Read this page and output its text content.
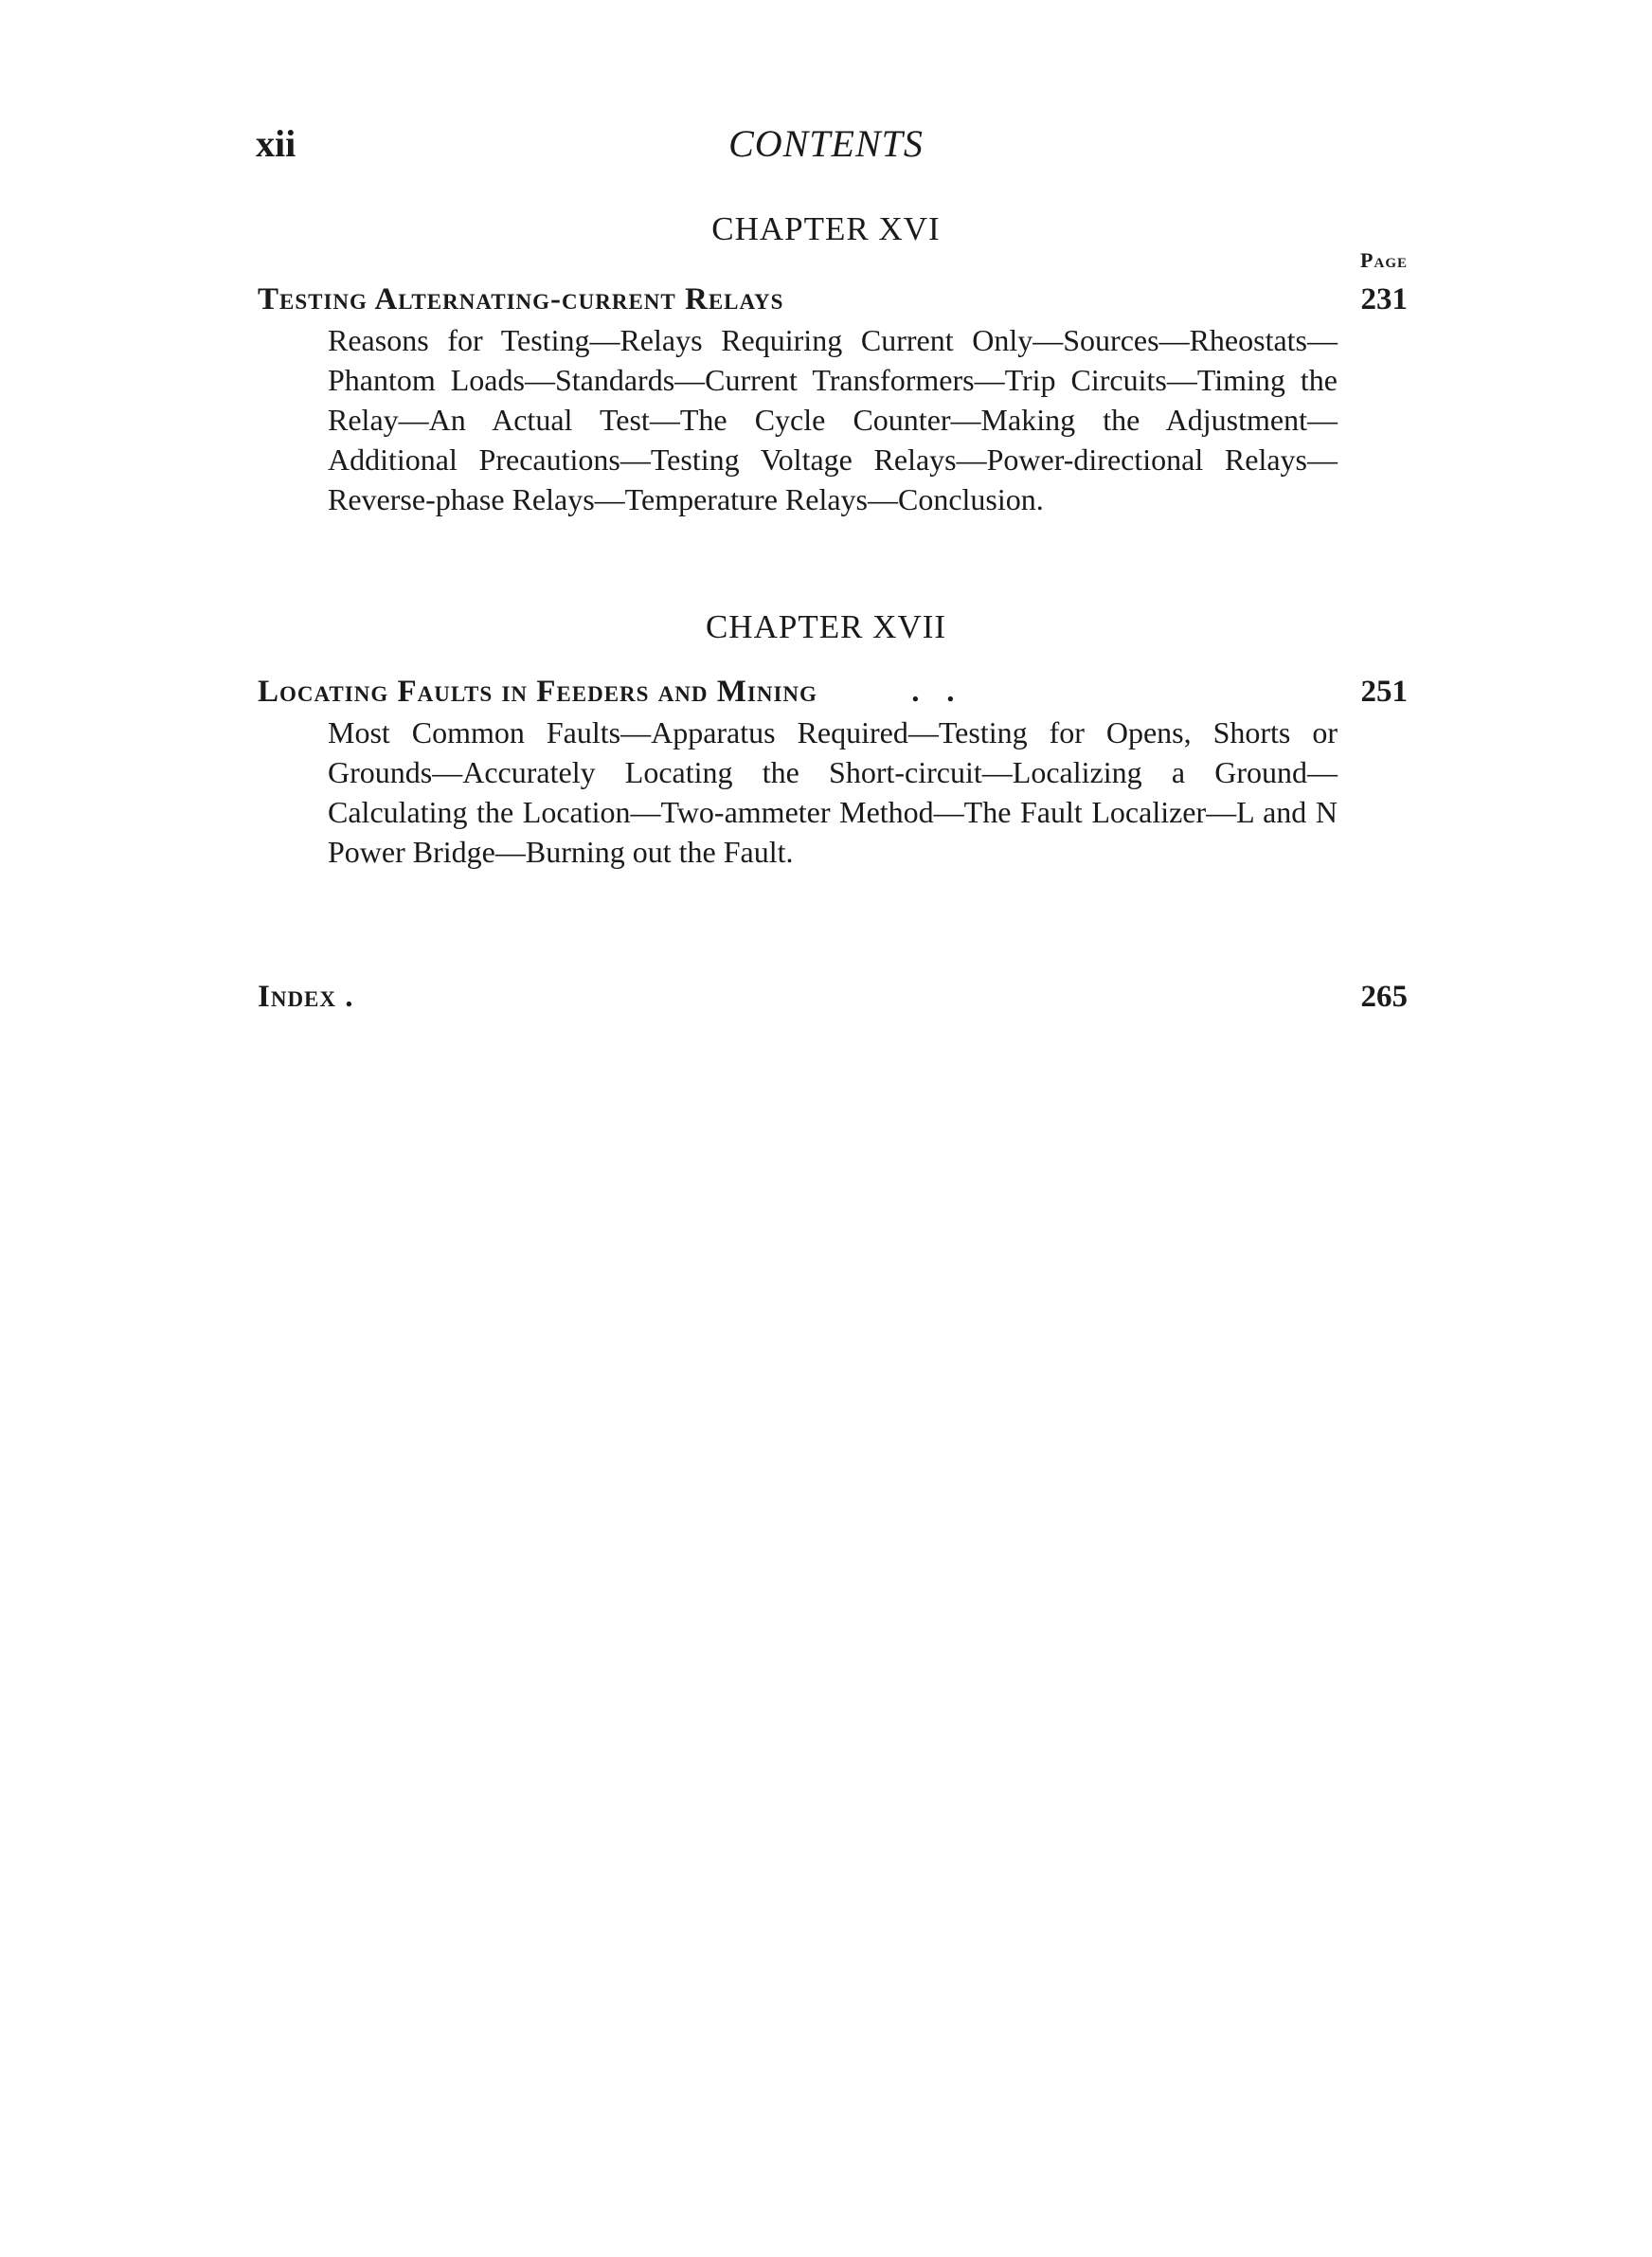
xii	CONTENTS
CHAPTER XVI
Page
Testing Alternating-current Relays	231
Reasons for Testing—Relays Requiring Current Only—Sources—Rheostats—Phantom Loads—Standards—Current Transformers—Trip Circuits—Timing the Relay—An Actual Test—The Cycle Counter—Making the Adjustment—Additional Precautions—Testing Voltage Relays—Power-directional Relays—Reverse-phase Relays—Temperature Relays—Conclusion.
CHAPTER XVII
Locating Faults in Feeders and Mining	.   .	251
Most Common Faults—Apparatus Required—Testing for Opens, Shorts or Grounds—Accurately Locating the Short-circuit—Localizing a Ground—Calculating the Location—Two-ammeter Method—The Fault Localizer—L and N Power Bridge—Burning out the Fault.
Index .	265
